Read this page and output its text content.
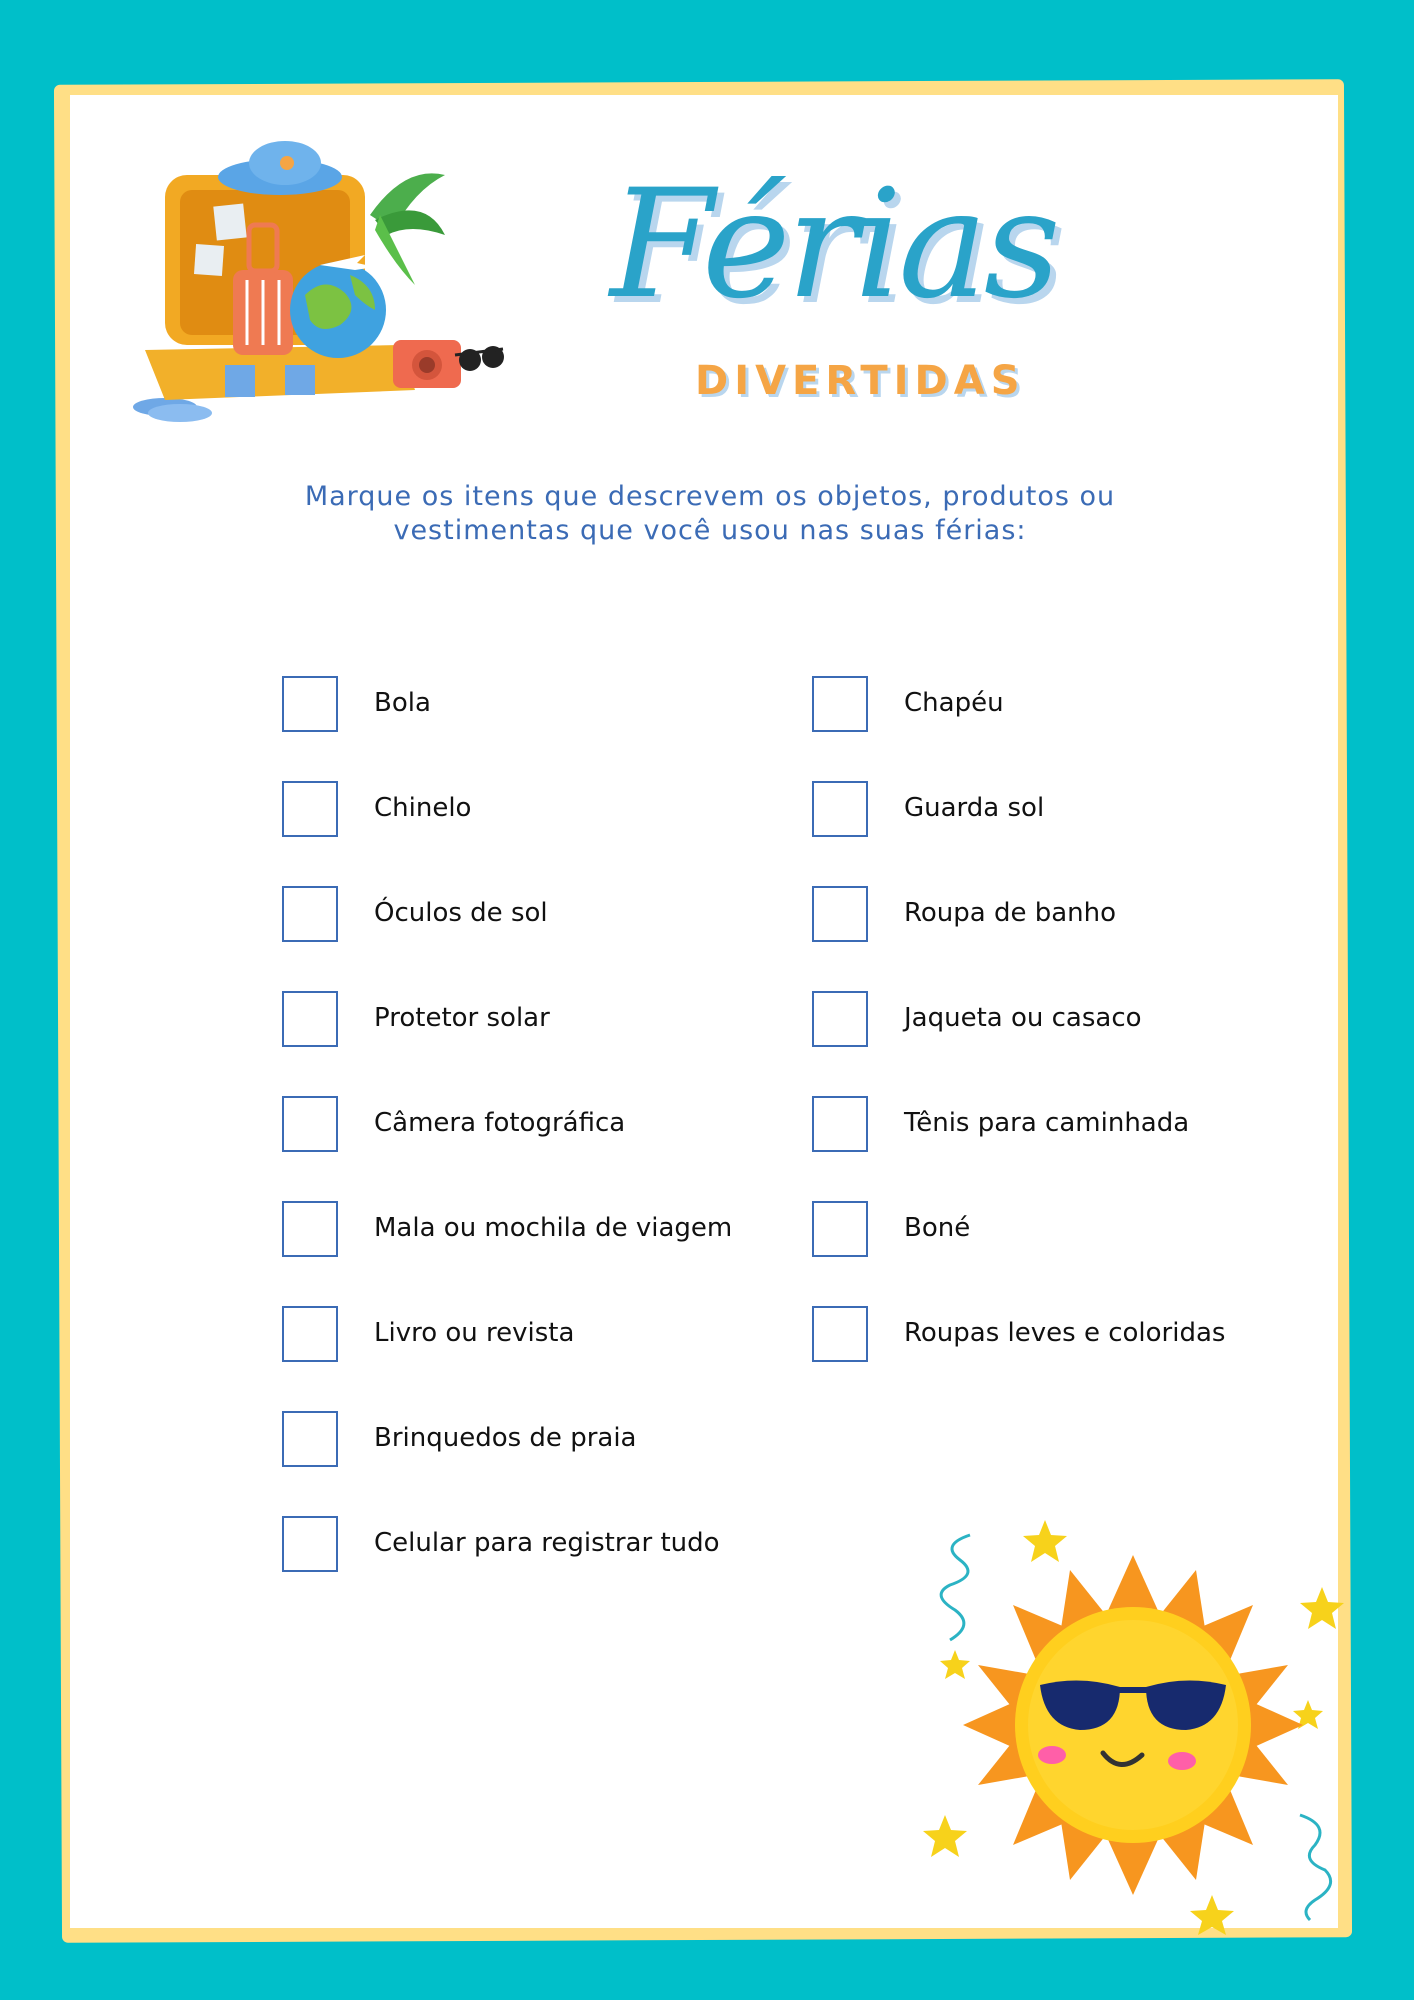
Férias
DIVERTIDAS
Marque os itens que descrevem os objetos, produtos ou
vestimentas que você usou nas suas férias:
Bola
Chinelo
Óculos de sol
Protetor solar
Câmera fotográfica
Mala ou mochila de viagem
Livro ou revista
Brinquedos de praia
Celular para registrar tudo
Chapéu
Guarda sol
Roupa de banho
Jaqueta ou casaco
Tênis para caminhada
Boné
Roupas leves e coloridas
